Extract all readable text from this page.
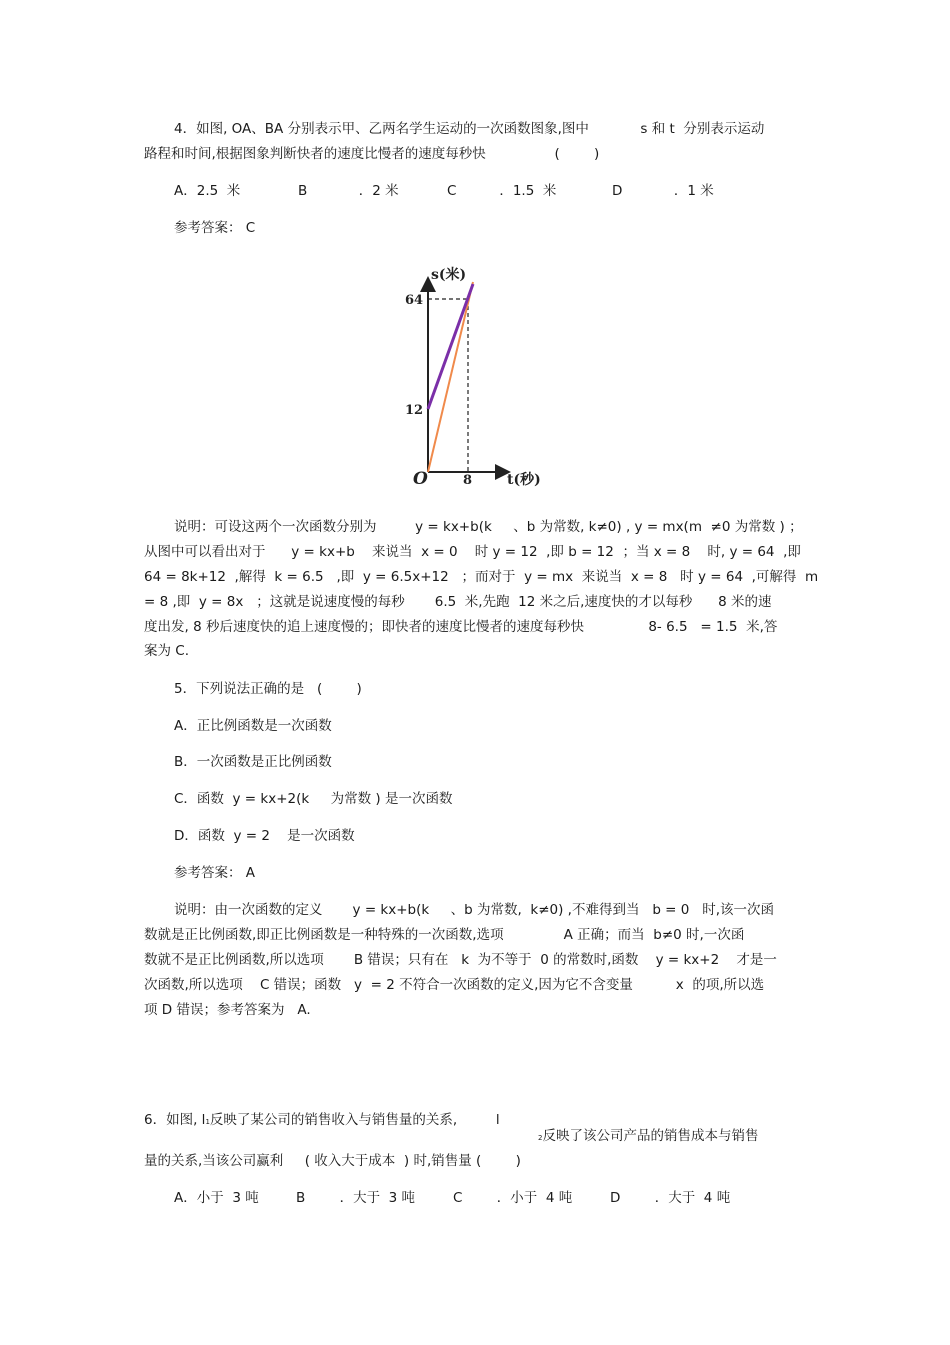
4．如图, OA、BA 分别表示甲、乙两名学生运动的一次函数图象,图中            s 和 t  分别表示运动
路程和时间,根据图象判断快者的速度比慢者的速度每秒快                (        )
A．2.5  米	B            ．2 米	C          ．1.5  米	D            ．1 米
参考答案： C
s(米)
64
12
O	8 t(秒)
说明：可设这两个一次函数分别为         y = kx+b(k     、b 为常数, k≠0) , y = mx(m  ≠0 为常数 ) ；
从图中可以看出对于      y = kx+b    来说当  x = 0    时 y = 12  ,即 b = 12  ；当 x = 8    时, y = 64  ,即
64 = 8k+12  ,解得  k = 6.5   ,即  y = 6.5x+12   ；而对于  y = mx  来说当  x = 8   时 y = 64  ,可解得  m
= 8 ,即  y = 8x   ；这就是说速度慢的每秒       6.5  米,先跑  12 米之后,速度快的才以每秒      8 米的速
度出发, 8 秒后速度快的追上速度慢的；即快者的速度比慢者的速度每秒快               8- 6.5   = 1.5  米,答
案为 C.
5．下列说法正确的是   (        )
A．正比例函数是一次函数
B．一次函数是正比例函数
C．函数  y = kx+2(k     为常数 ) 是一次函数
D．函数  y = 2    是一次函数
参考答案： A
说明：由一次函数的定义       y = kx+b(k     、b 为常数,  k≠0) ,不难得到当   b = 0   时,该一次函
数就是正比例函数,即正比例函数是一种特殊的一次函数,选项              A 正确；而当  b≠0 时,一次函
数就不是正比例函数,所以选项       B 错误；只有在   k  为不等于  0 的常数时,函数    y = kx+2    才是一
次函数,所以选项    C 错误；函数   y  = 2 不符合一次函数的定义,因为它不含变量          x  的项,所以选
项 D 错误；参考答案为   A.
6．如图, l1反映了某公司的销售收入与销售量的关系,         l
2反映了该公司产品的销售成本与销售
量的关系,当该公司赢利     ( 收入大于成本  ) 时,销售量 (        )
A．小于  3 吨	B        ．大于  3 吨	C        ．小于  4 吨	D        ．大于  4 吨
